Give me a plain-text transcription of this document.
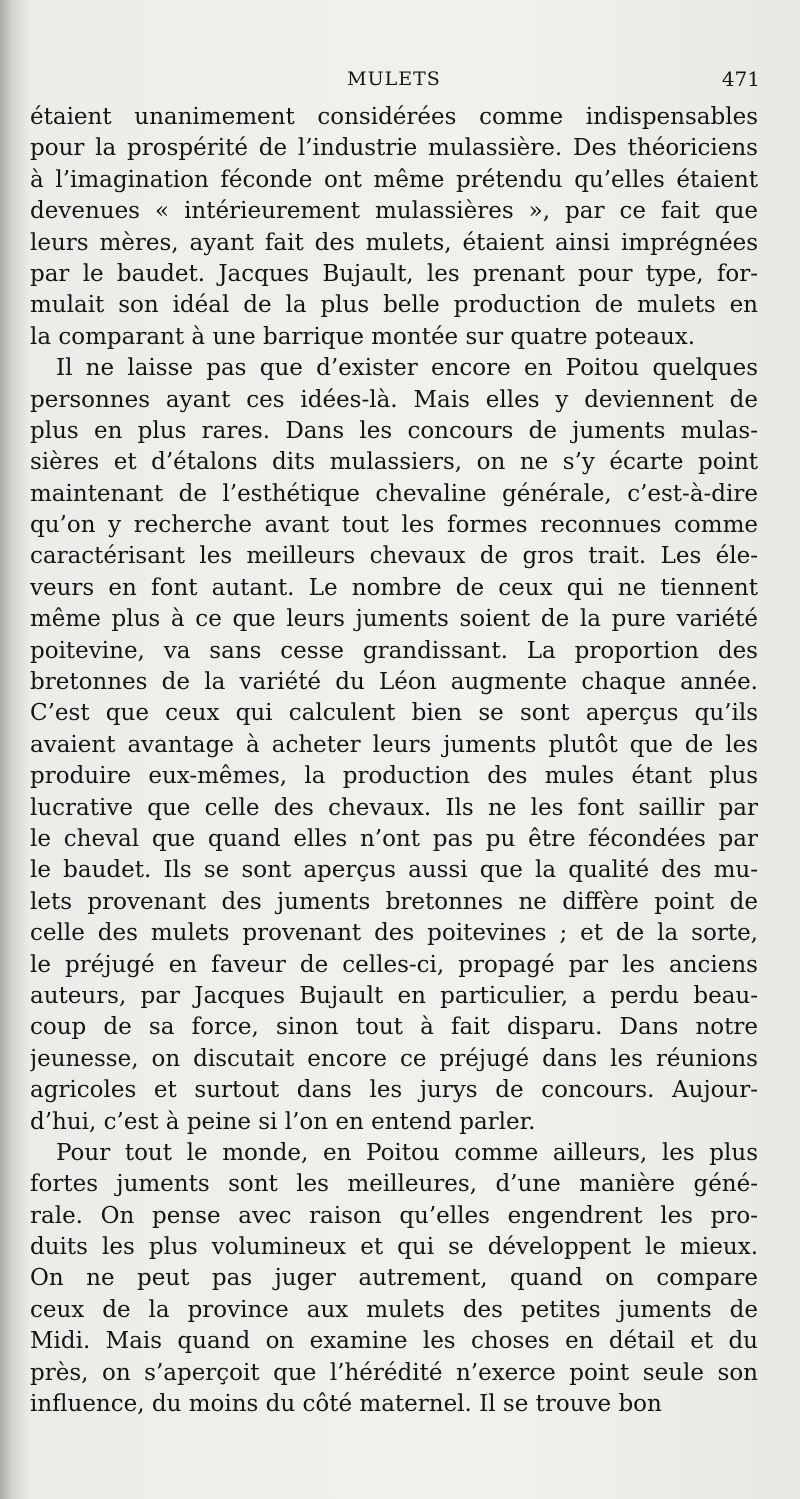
MULETS	471
étaient unanimement considérées comme indispensables
pour la prospérité de l’industrie mulassière. Des théoriciens
à l’imagination féconde ont même prétendu qu’elles étaient
devenues « intérieurement mulassières », par ce fait que
leurs mères, ayant fait des mulets, étaient ainsi imprégnées
par le baudet. Jacques Bujault, les prenant pour type, for-
mulait son idéal de la plus belle production de mulets en
la comparant à une barrique montée sur quatre poteaux.
Il ne laisse pas que d’exister encore en Poitou quelques
personnes ayant ces idées-là. Mais elles y deviennent de
plus en plus rares. Dans les concours de juments mulas-
sières et d’étalons dits mulassiers, on ne s’y écarte point
maintenant de l’esthétique chevaline générale, c’est-à-dire
qu’on y recherche avant tout les formes reconnues comme
caractérisant les meilleurs chevaux de gros trait. Les éle-
veurs en font autant. Le nombre de ceux qui ne tiennent
même plus à ce que leurs juments soient de la pure variété
poitevine, va sans cesse grandissant. La proportion des
bretonnes de la variété du Léon augmente chaque année.
C’est que ceux qui calculent bien se sont aperçus qu’ils
avaient avantage à acheter leurs juments plutôt que de les
produire eux-mêmes, la production des mules étant plus
lucrative que celle des chevaux. Ils ne les font saillir par
le cheval que quand elles n’ont pas pu être fécondées par
le baudet. Ils se sont aperçus aussi que la qualité des mu-
lets provenant des juments bretonnes ne diffère point de
celle des mulets provenant des poitevines ; et de la sorte,
le préjugé en faveur de celles-ci, propagé par les anciens
auteurs, par Jacques Bujault en particulier, a perdu beau-
coup de sa force, sinon tout à fait disparu. Dans notre
jeunesse, on discutait encore ce préjugé dans les réunions
agricoles et surtout dans les jurys de concours. Aujour-
d’hui, c’est à peine si l’on en entend parler.
Pour tout le monde, en Poitou comme ailleurs, les plus
fortes juments sont les meilleures, d’une manière géné-
rale. On pense avec raison qu’elles engendrent les pro-
duits les plus volumineux et qui se développent le mieux.
On ne peut pas juger autrement, quand on compare
ceux de la province aux mulets des petites juments de
Midi. Mais quand on examine les choses en détail et du
près, on s’aperçoit que l’hérédité n’exerce point seule son
influence, du moins du côté maternel. Il se trouve bon
